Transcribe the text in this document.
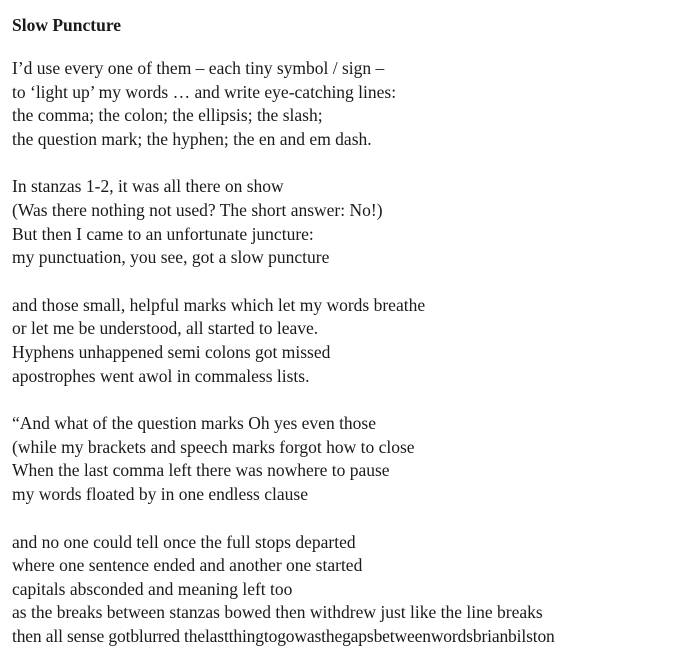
Slow Puncture
I’d use every one of them – each tiny symbol / sign –
to ‘light up’ my words … and write eye-catching lines:
the comma; the colon; the ellipsis; the slash;
the question mark; the hyphen; the en and em dash.
In stanzas 1-2, it was all there on show
(Was there nothing not used? The short answer: No!)
But then I came to an unfortunate juncture:
my punctuation, you see, got a slow puncture
and those small, helpful marks which let my words breathe
or let me be understood, all started to leave.
Hyphens unhappened semi colons got missed
apostrophes went awol in commaless lists.
“And what of the question marks Oh yes even those
(while my brackets and speech marks forgot how to close
When the last comma left there was nowhere to pause
my words floated by in one endless clause
and no one could tell once the full stops departed
where one sentence ended and another one started
capitals absconded and meaning left too
as the breaks between stanzas bowed then withdrew just like the line breaks
then all sense gotblurred thelastthingtogowasthegapsbetweenwordsbrianbilston
